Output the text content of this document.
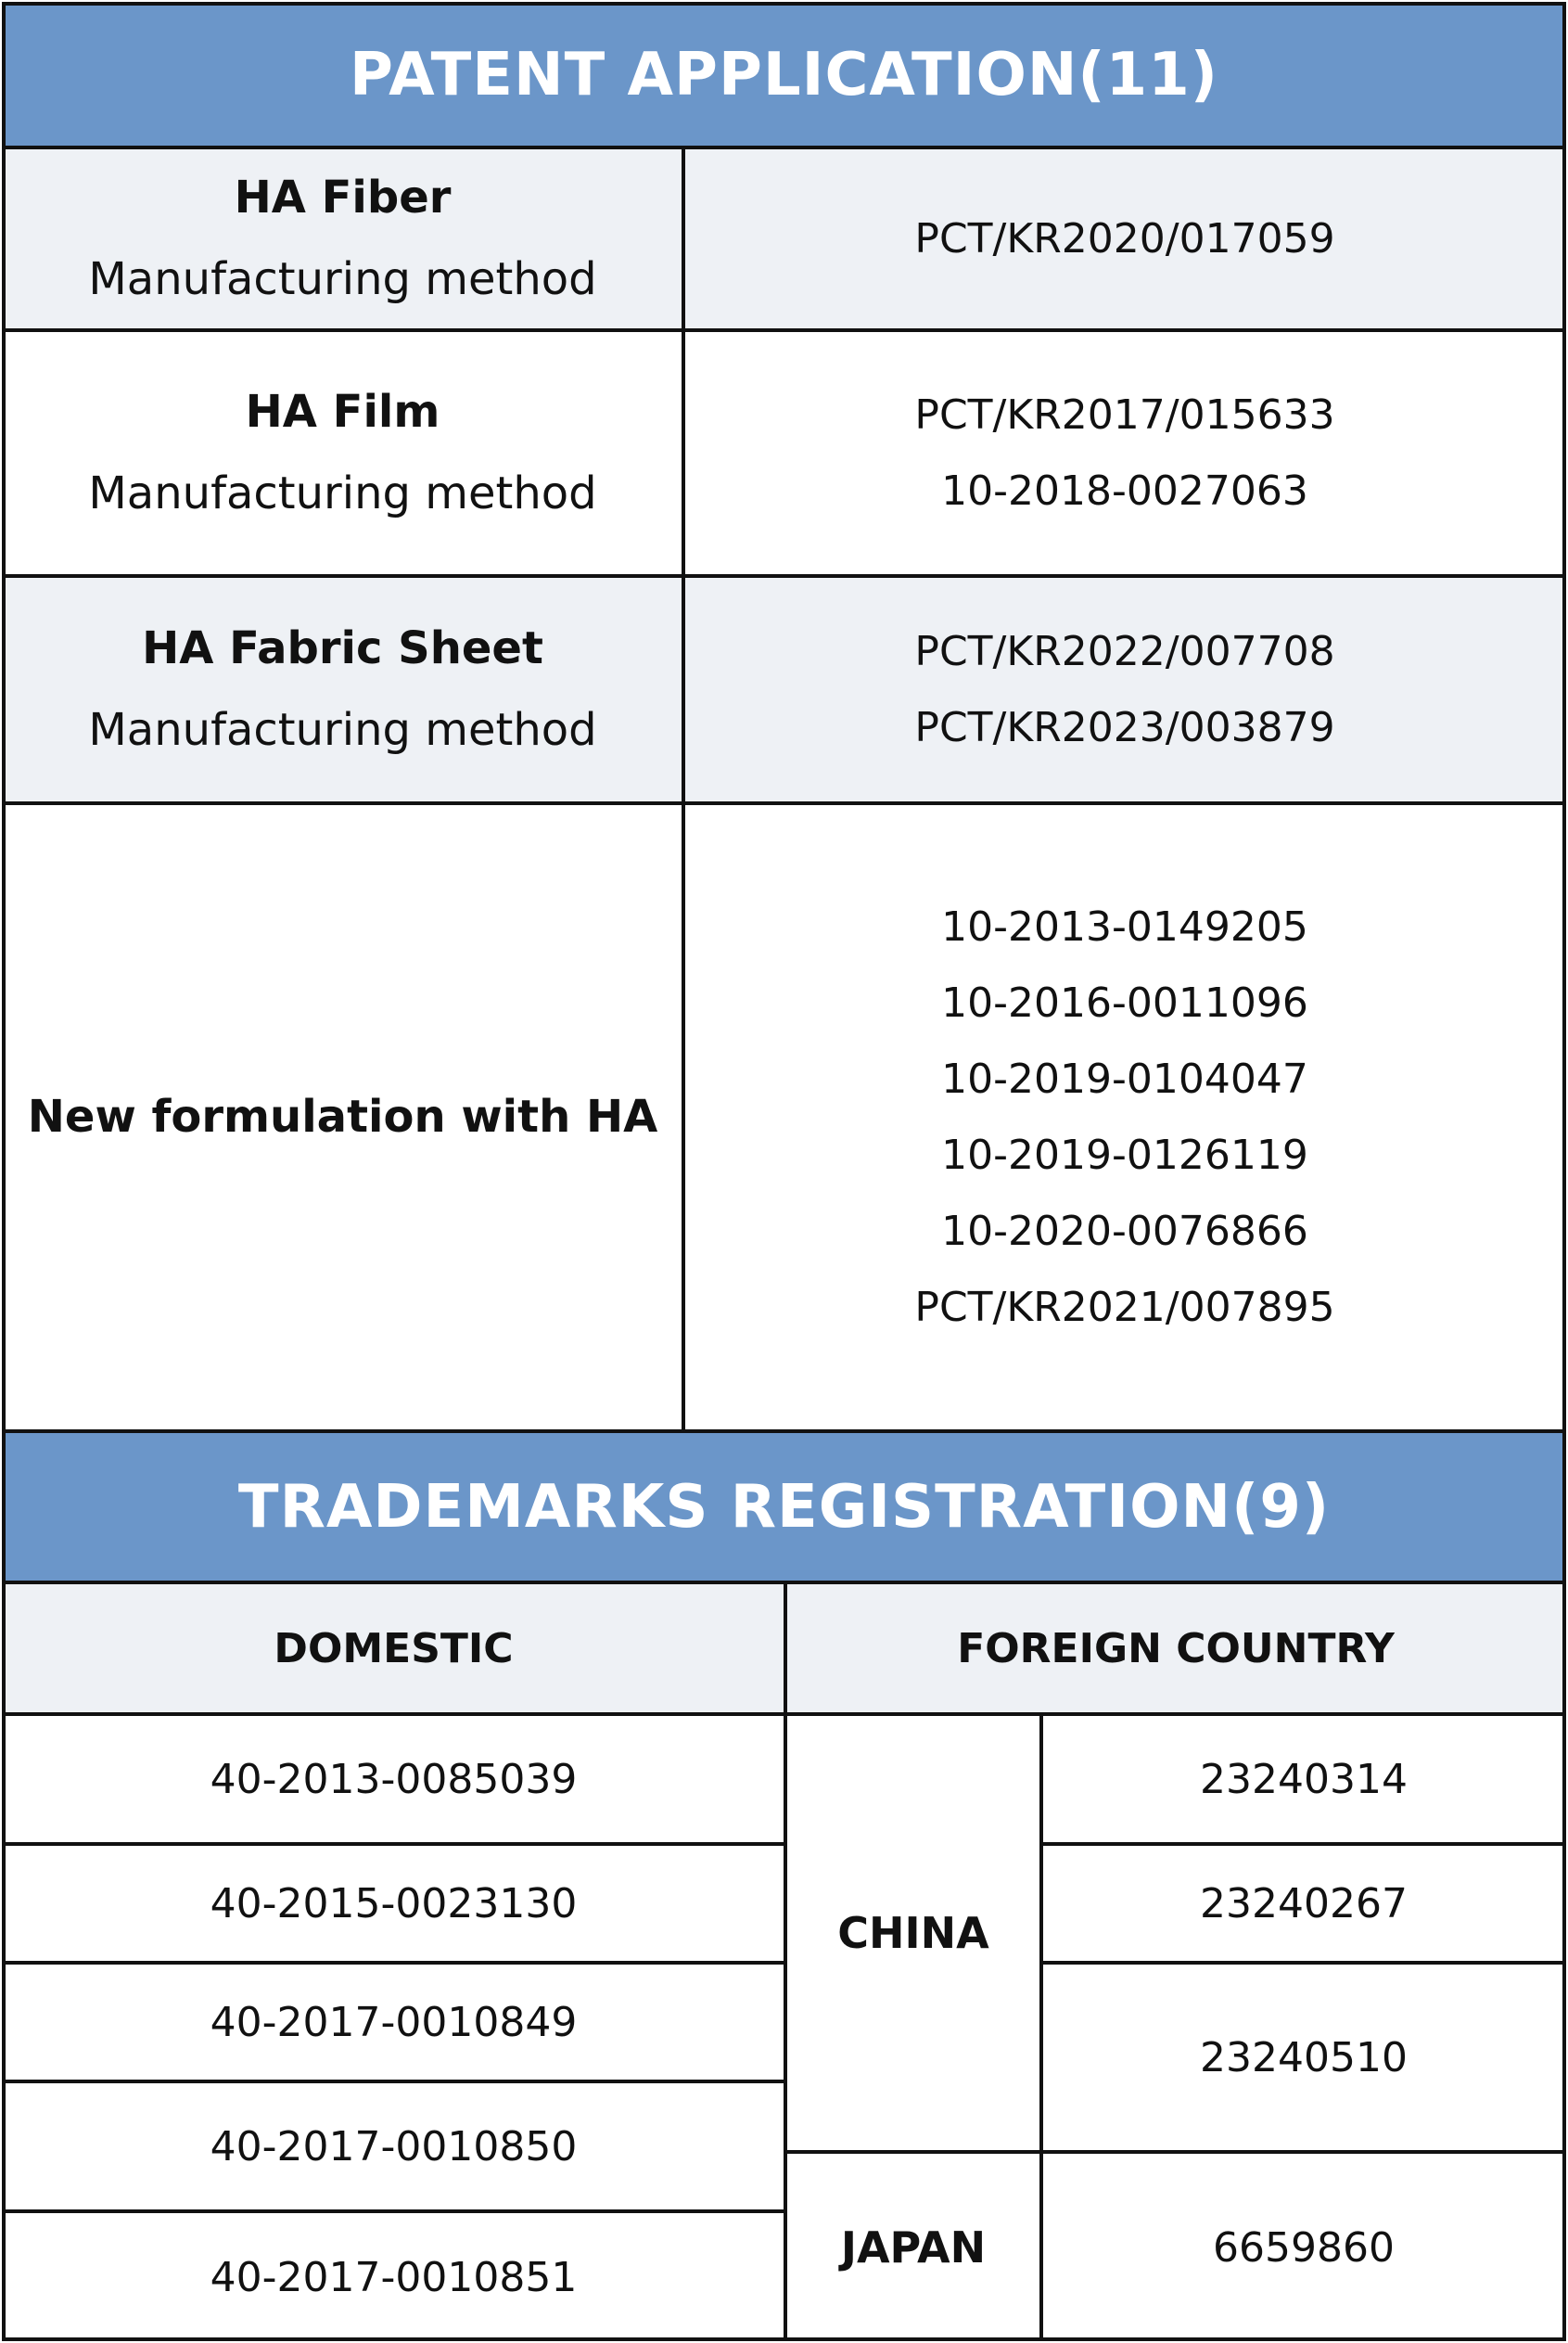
PATENT APPLICATION(11)
TRADEMARKS REGISTRATION(9)
HA Fiber
Manufacturing method
PCT/KR2020/017059
HA Film
Manufacturing method
PCT/KR2017/015633
10-2018-0027063
HA Fabric Sheet
Manufacturing method
PCT/KR2022/007708
PCT/KR2023/003879
New formulation with HA
10-2013-0149205
10-2016-0011096
10-2019-0104047
10-2019-0126119
10-2020-0076866
PCT/KR2021/007895
DOMESTIC	FOREIGN COUNTRY
40-2013-0085039
40-2015-0023130
40-2017-0010849
40-2017-0010850
40-2017-0010851
CHINA
JAPAN
23240314
23240267
23240510
6659860
